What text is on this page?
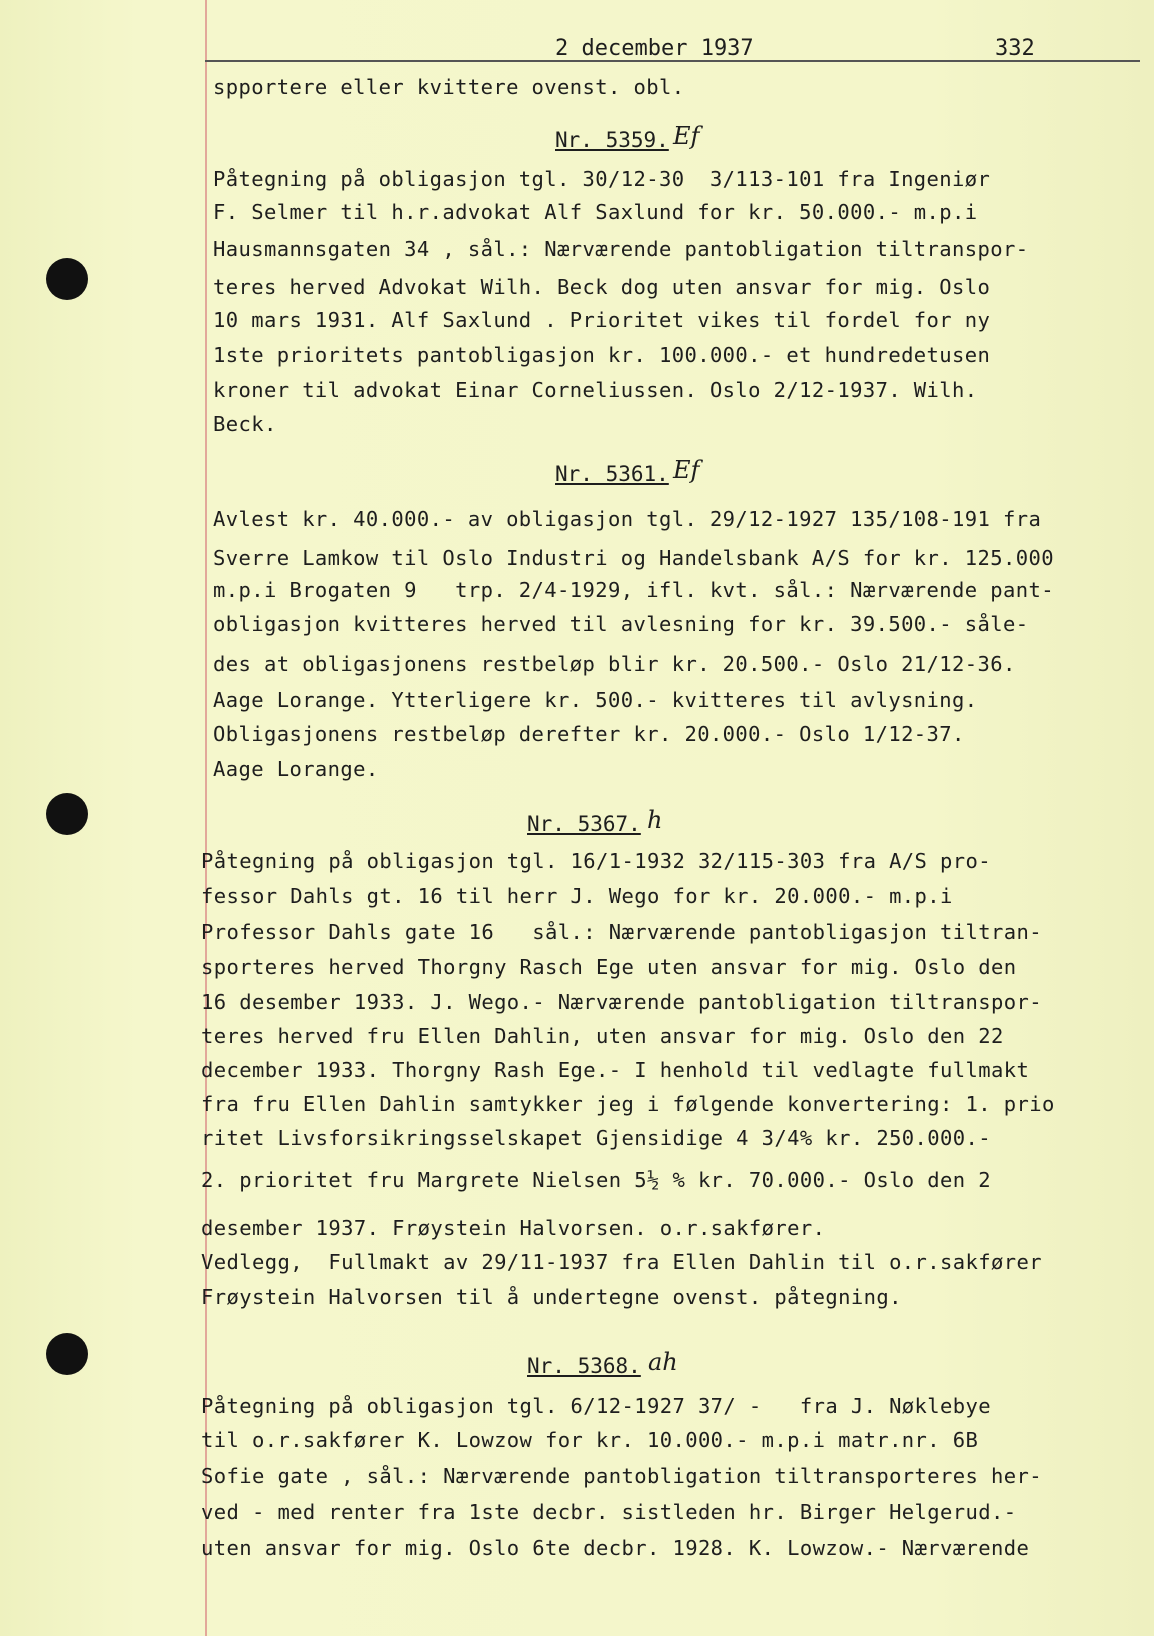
2 december 1937	332
spportere eller kvittere ovenst. obl.
Nr. 5359. Ef
Påtegning på obligasjon tgl. 30/12-30  3/113-101 fra Ingeniør
F. Selmer til h.r.advokat Alf Saxlund for kr. 50.000.- m.p.i
Hausmannsgaten 34 , sål.: Nærværende pantobligation tiltranspor-
teres herved Advokat Wilh. Beck dog uten ansvar for mig. Oslo
10 mars 1931. Alf Saxlund . Prioritet vikes til fordel for ny
1ste prioritets pantobligasjon kr. 100.000.- et hundredetusen
kroner til advokat Einar Corneliussen. Oslo 2/12-1937. Wilh.
Beck.
Nr. 5361. Ef
Avlest kr. 40.000.- av obligasjon tgl. 29/12-1927 135/108-191 fra
Sverre Lamkow til Oslo Industri og Handelsbank A/S for kr. 125.000
m.p.i Brogaten 9   trp. 2/4-1929, ifl. kvt. sål.: Nærværende pant-
obligasjon kvitteres herved til avlesning for kr. 39.500.- såle-
des at obligasjonens restbeløp blir kr. 20.500.- Oslo 21/12-36.
Aage Lorange. Ytterligere kr. 500.- kvitteres til avlysning.
Obligasjonens restbeløp derefter kr. 20.000.- Oslo 1/12-37.
Aage Lorange.
Nr. 5367. h
Påtegning på obligasjon tgl. 16/1-1932 32/115-303 fra A/S pro-
fessor Dahls gt. 16 til herr J. Wego for kr. 20.000.- m.p.i
Professor Dahls gate 16   sål.: Nærværende pantobligasjon tiltran-
sporteres herved Thorgny Rasch Ege uten ansvar for mig. Oslo den
16 desember 1933. J. Wego.- Nærværende pantobligation tiltranspor-
teres herved fru Ellen Dahlin, uten ansvar for mig. Oslo den 22
december 1933. Thorgny Rash Ege.- I henhold til vedlagte fullmakt
fra fru Ellen Dahlin samtykker jeg i følgende konvertering: 1. prio
ritet Livsforsikringsselskapet Gjensidige 4 3/4% kr. 250.000.-
2. prioritet fru Margrete Nielsen 5½ % kr. 70.000.- Oslo den 2
desember 1937. Frøystein Halvorsen. o.r.sakfører.
Vedlegg,  Fullmakt av 29/11-1937 fra Ellen Dahlin til o.r.sakfører
Frøystein Halvorsen til å undertegne ovenst. påtegning.
Nr. 5368. ah
Påtegning på obligasjon tgl. 6/12-1927 37/ -   fra J. Nøklebye
til o.r.sakfører K. Lowzow for kr. 10.000.- m.p.i matr.nr. 6B
Sofie gate , sål.: Nærværende pantobligation tiltransporteres her-
ved - med renter fra 1ste decbr. sistleden hr. Birger Helgerud.-
uten ansvar for mig. Oslo 6te decbr. 1928. K. Lowzow.- Nærværende
